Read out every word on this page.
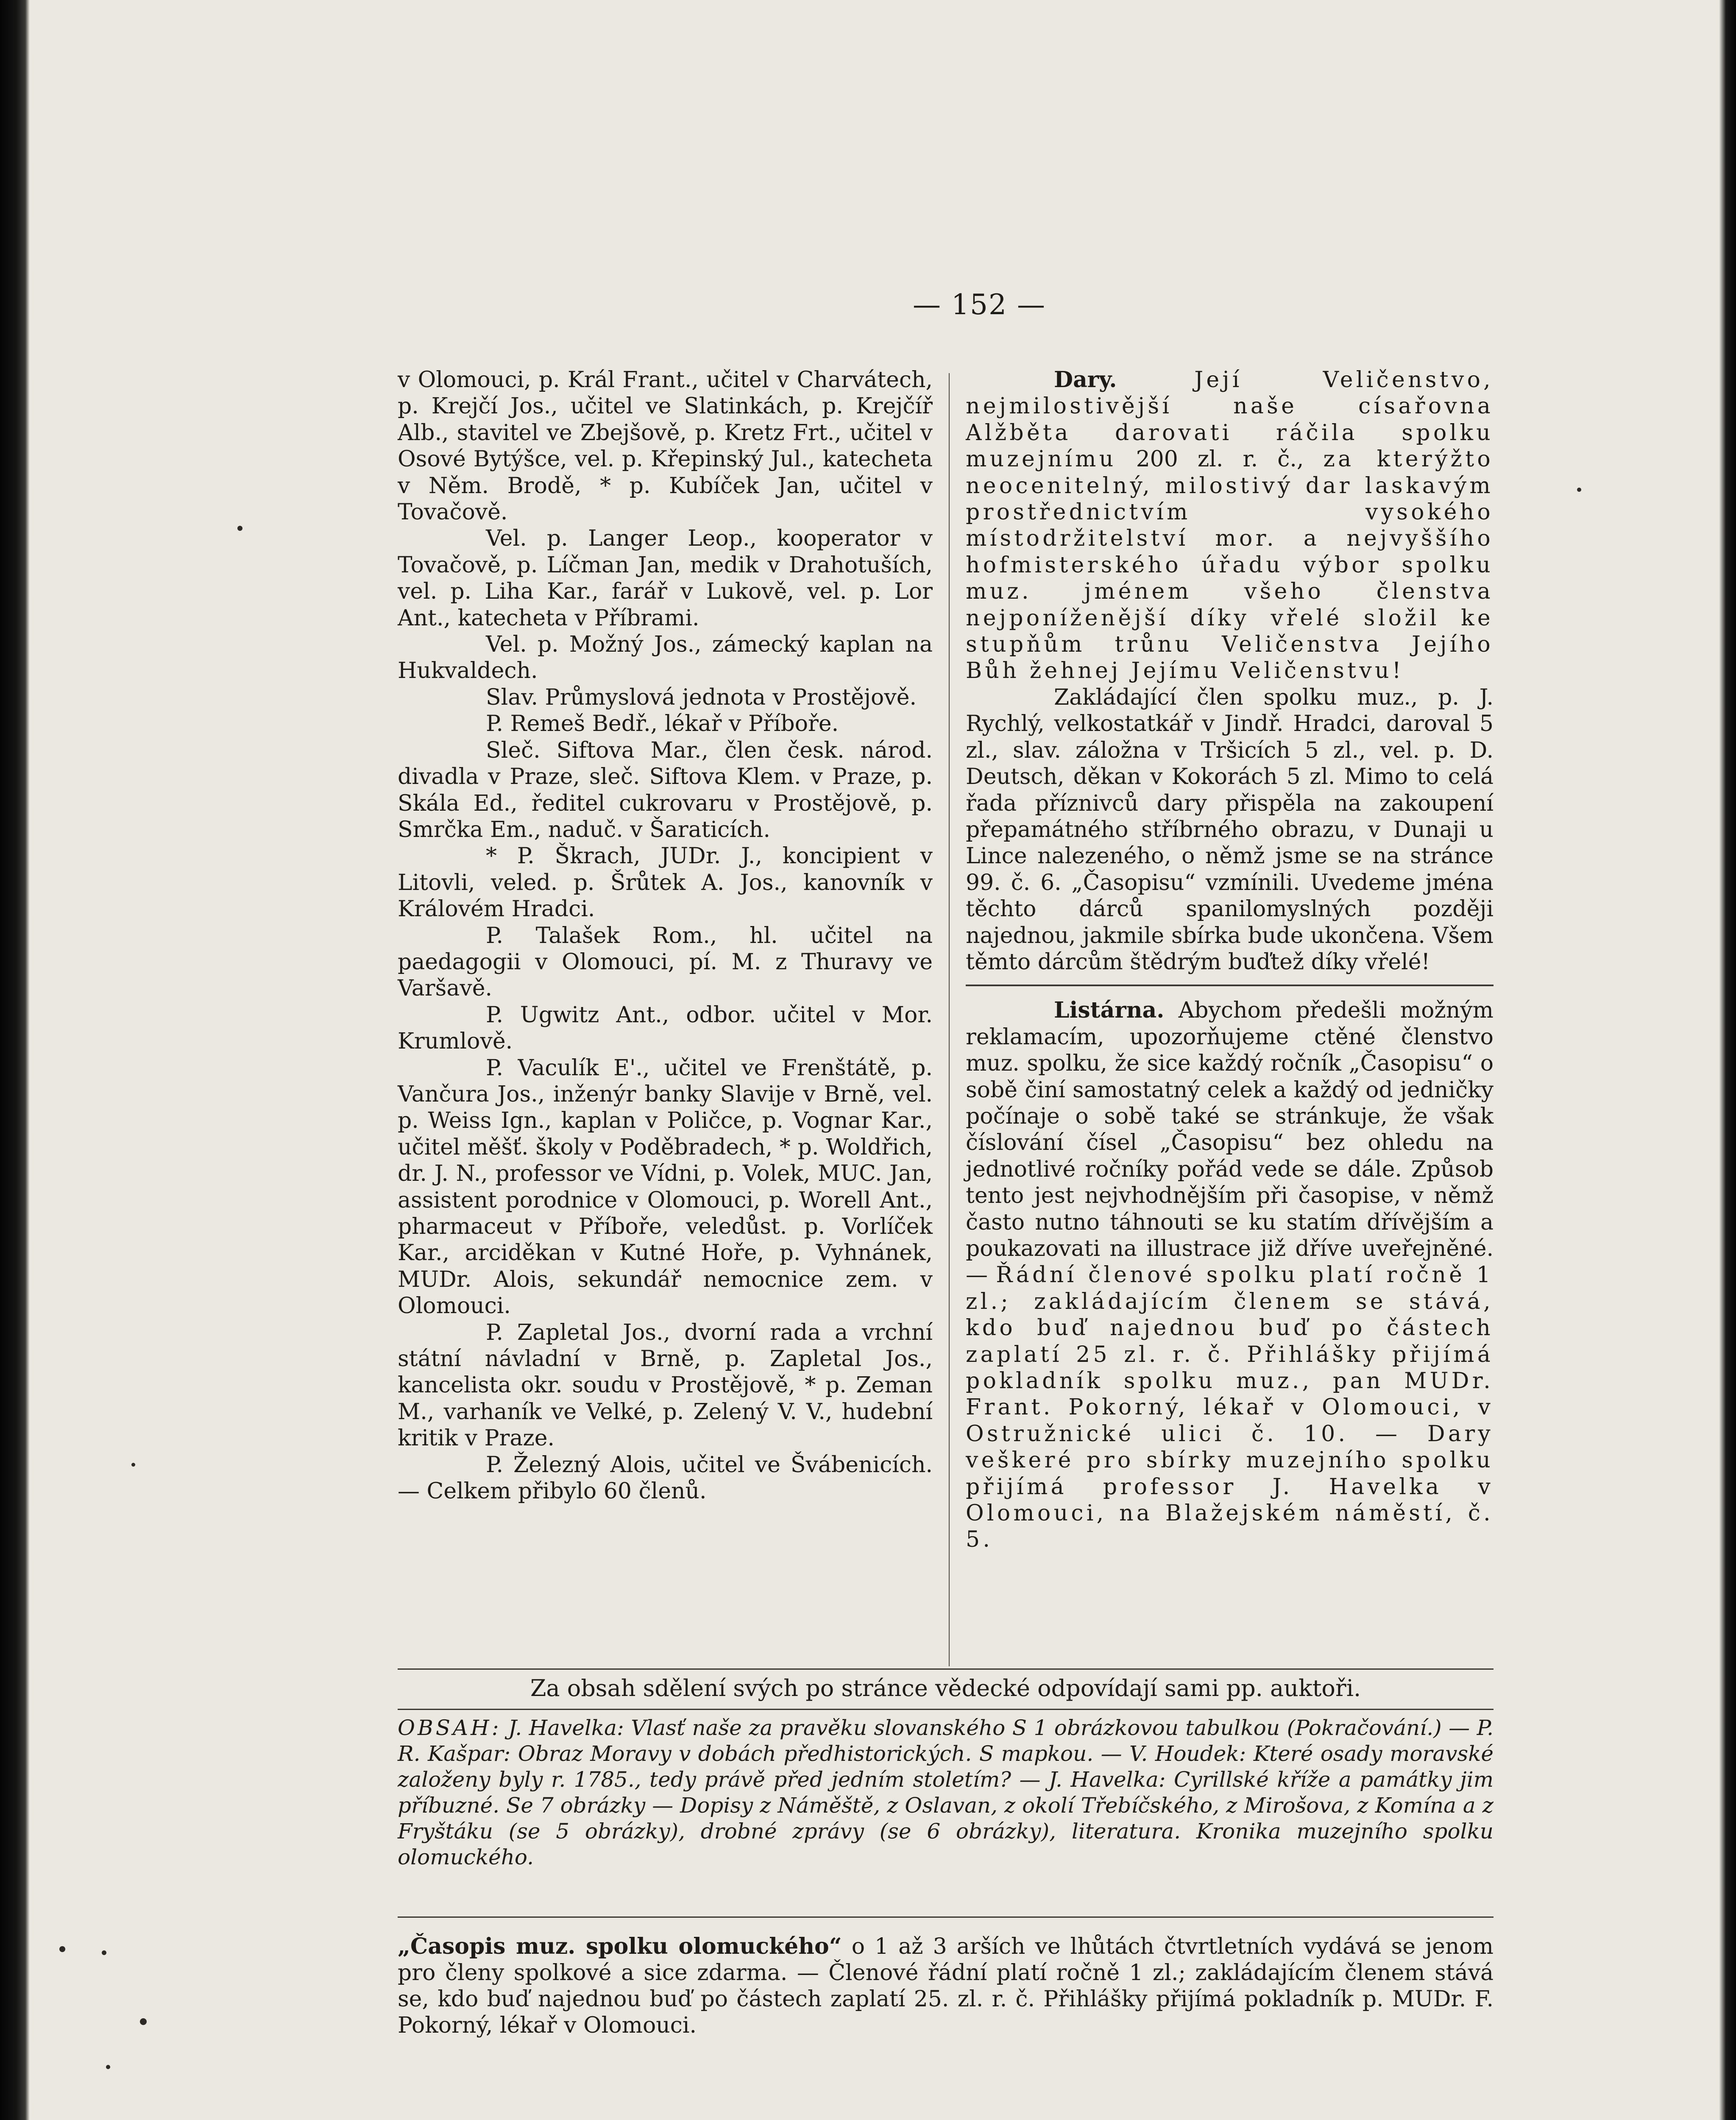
— 152 —

v Olomouci, p. Král Frant., učitel v Charvátech, p. Krejčí Jos., učitel ve Slatinkách, p. Krejčíř Alb., stavitel ve Zbejšově, p. Kretz Frt., učitel v Osové Bytýšce, vel. p. Křepinský Jul., katecheta v Něm. Brodě, * p. Kubíček Jan, učitel v Tovačově.

Vel. p. Langer Leop., kooperator v Tovačově, p. Líčman Jan, medik v Drahotuších, vel. p. Liha Kar., farář v Lukově, vel. p. Lor Ant., katecheta v Příbrami.

Vel. p. Možný Jos., zámecký kaplan na Hukvaldech.

Slav. Průmyslová jednota v Prostějově.

P. Remeš Bedř., lékař v Příboře.

Sleč. Siftova Mar., člen česk. národ. divadla v Praze, sleč. Siftova Klem. v Praze, p. Skála Ed., ředitel cukrovaru v Prostějově, p. Smrčka Em., naduč. v Šaraticích.

* P. Škrach, JUDr. J., koncipient v Litovli, veled. p. Šrůtek A. Jos., kanovník v Královém Hradci.

P. Talašek Rom., hl. učitel na paedagogii v Olomouci, pí. M. z Thuravy ve Varšavě.

P. Ugwitz Ant., odbor. učitel v Mor. Krumlově.

P. Vaculík E'., učitel ve Frenštátě, p. Vančura Jos., inženýr banky Slavije v Brně, vel. p. Weiss Ign., kaplan v Poličce, p. Vognar Kar., učitel měšť. školy v Poděbradech, * p. Woldřich, dr. J. N., professor ve Vídni, p. Volek, MUC. Jan, assistent porodnice v Olomouci, p. Worell Ant., pharmaceut v Příboře, veledůst. p. Vorlíček Kar., arciděkan v Kutné Hoře, p. Vyhnánek, MUDr. Alois, sekundář nemocnice zem. v Olomouci.

P. Zapletal Jos., dvorní rada a vrchní státní návladní v Brně, p. Zapletal Jos., kancelista okr. soudu v Prostějově, * p. Zeman M., varhaník ve Velké, p. Zelený V. V., hudební kritik v Praze.

P. Železný Alois, učitel ve Švábenicích. — Celkem přibylo 60 členů.

Dary.	Její Veličenstvo, nejmilostivější naše císařovna Alžběta darovati ráčila spolku muzejnímu 200 zl. r. č., za kterýžto neocenitelný, milostivý dar laskavým prostřednictvím vysokého místodržitelství mor. a nejvyššího hofmisterského úřadu výbor spolku muz. jménem všeho členstva nejponíženější díky vřelé složil ke stupňům trůnu Veličenstva Jejího Bůh žehnej Jejímu Veličenstvu!

Zakládající člen spolku muz., p. J. Rychlý, velkostatkář v Jindř. Hradci, daroval 5 zl., slav. záložna v Tršicích 5 zl., vel. p. D. Deutsch, děkan v Kokorách 5 zl. Mimo to celá řada příznivců dary přispěla na zakoupení přepamátného stříbrného obrazu, v Dunaji u Lince nalezeného, o němž jsme se na stránce 99. č. 6. „Časopisu“ vzmínili. Uvedeme jména těchto dárců spanilomyslných později najednou, jakmile sbírka bude ukončena. Všem těmto dárcům štědrým buďtež díky vřelé!

Listárna. Abychom předešli možným reklamacím, upozorňujeme ctěné členstvo muz. spolku, že sice každý ročník „Časopisu“ o sobě činí samostatný celek a každý od jedničky počínaje o sobě také se stránkuje, že však číslování čísel „Časopisu“ bez ohledu na jednotlivé ročníky pořád vede se dále. Způsob tento jest nejvhodnějším při časopise, v němž často nutno táhnouti se ku statím dřívějším a poukazovati na illustrace již dříve uveřejněné. — Řádní členové spolku platí ročně 1 zl.; zakládajícím členem se stává, kdo buď najednou buď po částech zaplatí 25 zl. r. č. Přihlášky přijímá pokladník spolku muz., pan MUDr. Frant. Pokorný, lékař v Olomouci, v Ostružnické ulici č. 10. — Dary veškeré pro sbírky muzejního spolku přijímá professor J. Havelka v Olomouci, na Blažejském náměstí, č. 5.

Za obsah sdělení svých po stránce vědecké odpovídají sami pp. auktoři.
OBSAH: J. Havelka: Vlasť naše za pravěku slovanského S 1 obrázkovou tabulkou (Pokračování.) — P. R. Kašpar: Obraz Moravy v dobách předhistorických. S mapkou. — V. Houdek: Které osady moravské založeny byly r. 1785., tedy právě před jedním stoletím? — J. Havelka: Cyrillské kříže a památky jim příbuzné. Se 7 obrázky — Dopisy z Náměště, z Oslavan, z okolí Třebíčského, z Mirošova, z Komína a z Fryštáku (se 5 obrázky), drobné zprávy (se 6 obrázky), literatura. Kronika muzejního spolku olomuckého.
„Časopis muz. spolku olomuckého“ o 1 až 3 arších ve lhůtách čtvrtletních vydává se jenom pro členy spolkové a sice zdarma. — Členové řádní platí ročně 1 zl.; zakládajícím členem stává se, kdo buď najednou buď po částech zaplatí 25. zl. r. č. Přihlášky přijímá pokladník p. MUDr. F. Pokorný, lékař v Olomouci.
